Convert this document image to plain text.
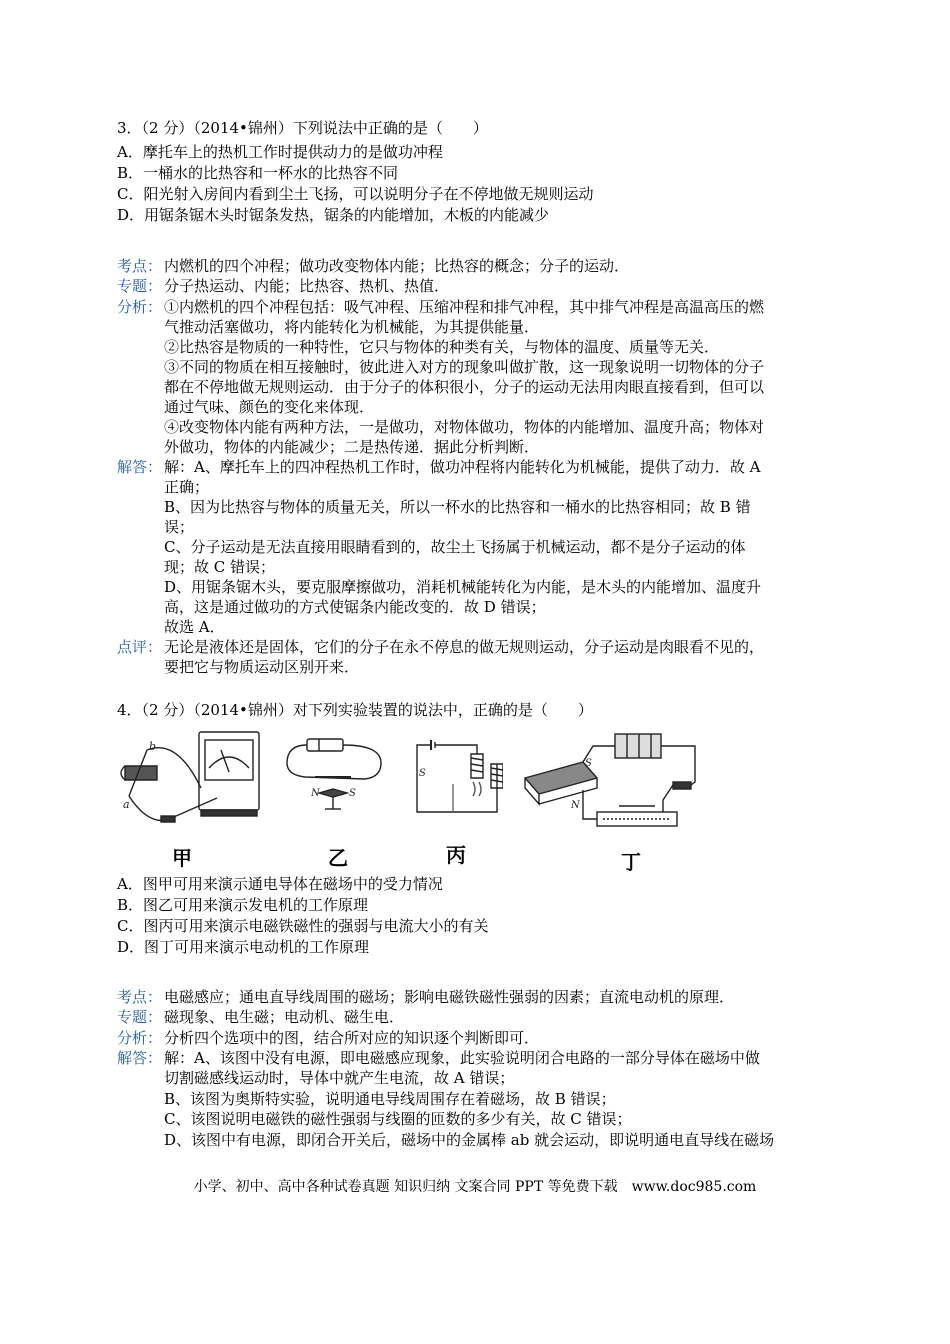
3．（2 分）（2014•锦州）下列说法中正确的是（　　）
A．摩托车上的热机工作时提供动力的是做功冲程
B．一桶水的比热容和一杯水的比热容不同
C．阳光射入房间内看到尘土飞扬，可以说明分子在不停地做无规则运动
D．用锯条锯木头时锯条发热，锯条的内能增加，木板的内能减少
考点： 内燃机的四个冲程；做功改变物体内能；比热容的概念；分子的运动．
专题： 分子热运动、内能；比热容、热机、热值．
分析： ①内燃机的四个冲程包括：吸气冲程、压缩冲程和排气冲程，其中排气冲程是高温高压的燃
气推动活塞做功，将内能转化为机械能，为其提供能量．
②比热容是物质的一种特性，它只与物体的种类有关，与物体的温度、质量等无关．
③不同的物质在相互接触时，彼此进入对方的现象叫做扩散，这一现象说明一切物体的分子
都在不停地做无规则运动．由于分子的体积很小，分子的运动无法用肉眼直接看到，但可以
通过气味、颜色的变化来体现．
④改变物体内能有两种方法，一是做功，对物体做功，物体的内能增加、温度升高；物体对
外做功，物体的内能减少；二是热传递．据此分析判断．
解答： 解：A、摩托车上的四冲程热机工作时，做功冲程将内能转化为机械能，提供了动力．故 A
正确；
B、因为比热容与物体的质量无关，所以一杯水的比热容和一桶水的比热容相同；故 B 错
误；
C、分子运动是无法直接用眼睛看到的，故尘土飞扬属于机械运动，都不是分子运动的体
现；故 C 错误；
D、用锯条锯木头，要克服摩擦做功，消耗机械能转化为内能，是木头的内能增加、温度升
高，这是通过做功的方式使锯条内能改变的．故 D 错误；
故选 A．
点评： 无论是液体还是固体，它们的分子在永不停息的做无规则运动，分子运动是肉眼看不见的，
要把它与物质运动区别开来．
4．（2 分）（2014•锦州）对下列实验装置的说法中，正确的是（　　）
b
a
N	S
S
S
N
甲	乙	丙	丁
A．图甲可用来演示通电导体在磁场中的受力情况
B．图乙可用来演示发电机的工作原理
C．图丙可用来演示电磁铁磁性的强弱与电流大小的有关
D．图丁可用来演示电动机的工作原理
考点： 电磁感应；通电直导线周围的磁场；影响电磁铁磁性强弱的因素；直流电动机的原理．
专题： 磁现象、电生磁；电动机、磁生电．
分析： 分析四个选项中的图，结合所对应的知识逐个判断即可．
解答： 解：A、该图中没有电源，即电磁感应现象，此实验说明闭合电路的一部分导体在磁场中做
切割磁感线运动时，导体中就产生电流，故 A 错误；
B、该图为奥斯特实验，说明通电导线周围存在着磁场，故 B 错误；
C、该图说明电磁铁的磁性强弱与线圈的匝数的多少有关，故 C 错误；
D、该图中有电源，即闭合开关后，磁场中的金属棒 ab 就会运动，即说明通电直导线在磁场
小学、初中、高中各种试卷真题 知识归纳 文案合同 PPT 等免费下载　www.doc985.com
